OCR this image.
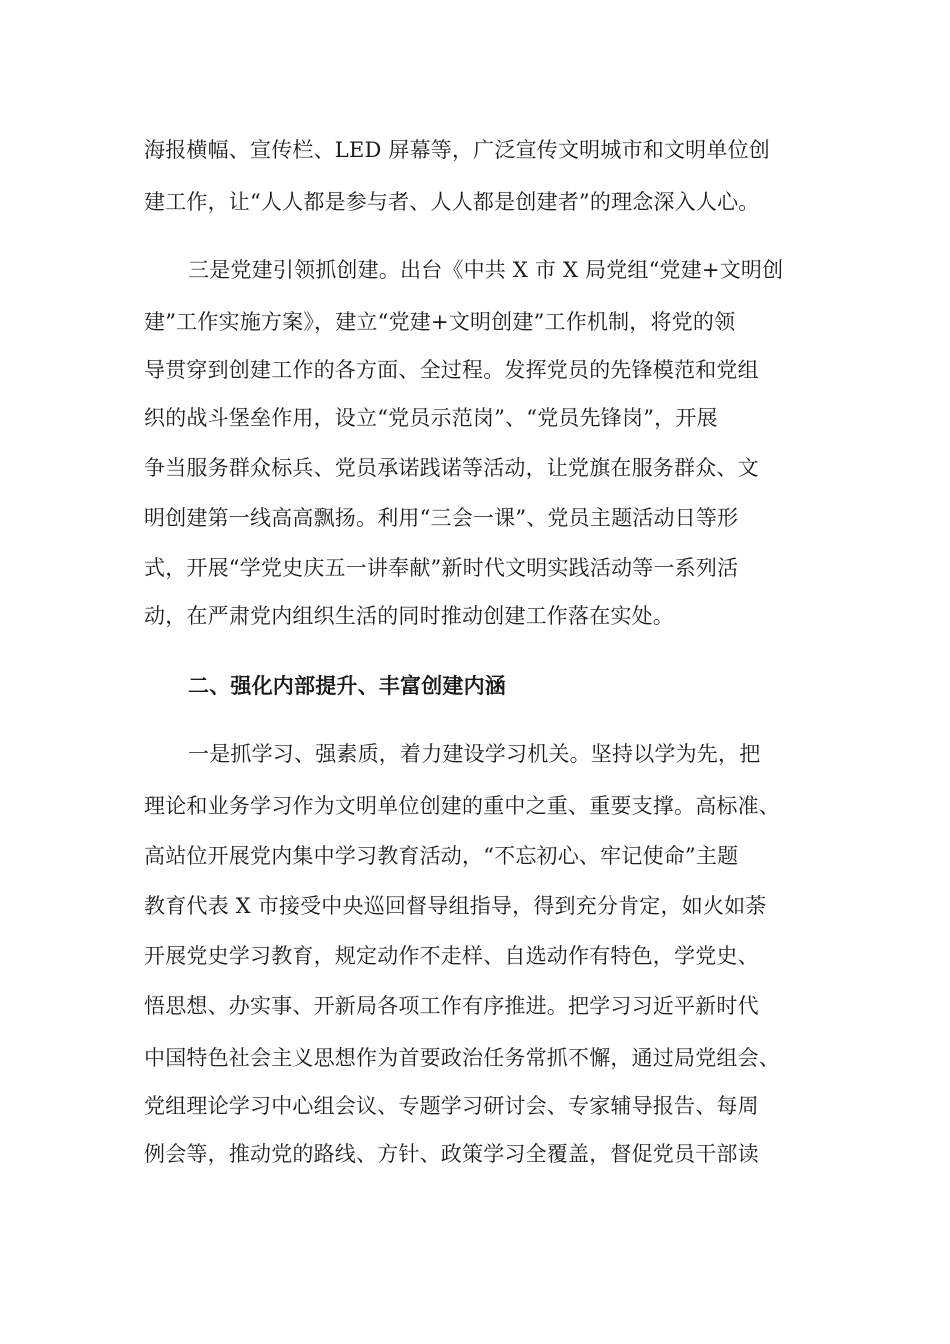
海报横幅、宣传栏、LED 屏幕等，广泛宣传文明城市和文明单位创
建工作，让“人人都是参与者、人人都是创建者”的理念深入人心。
三是党建引领抓创建。出台《中共 X 市 X 局党组“党建+文明创
建”工作实施方案》，建立“党建+文明创建”工作机制，将党的领
导贯穿到创建工作的各方面、全过程。发挥党员的先锋模范和党组
织的战斗堡垒作用，设立“党员示范岗”、“党员先锋岗”，开展
争当服务群众标兵、党员承诺践诺等活动，让党旗在服务群众、文
明创建第一线高高飘扬。利用“三会一课”、党员主题活动日等形
式，开展“学党史庆五一讲奉献”新时代文明实践活动等一系列活
动，在严肃党内组织生活的同时推动创建工作落在实处。
二、强化内部提升、丰富创建内涵
一是抓学习、强素质，着力建设学习机关。坚持以学为先，把
理论和业务学习作为文明单位创建的重中之重、重要支撑。高标准、
高站位开展党内集中学习教育活动，“不忘初心、牢记使命”主题
教育代表 X 市接受中央巡回督导组指导，得到充分肯定，如火如荼
开展党史学习教育，规定动作不走样、自选动作有特色，学党史、
悟思想、办实事、开新局各项工作有序推进。把学习习近平新时代
中国特色社会主义思想作为首要政治任务常抓不懈，通过局党组会、
党组理论学习中心组会议、专题学习研讨会、专家辅导报告、每周
例会等，推动党的路线、方针、政策学习全覆盖，督促党员干部读
